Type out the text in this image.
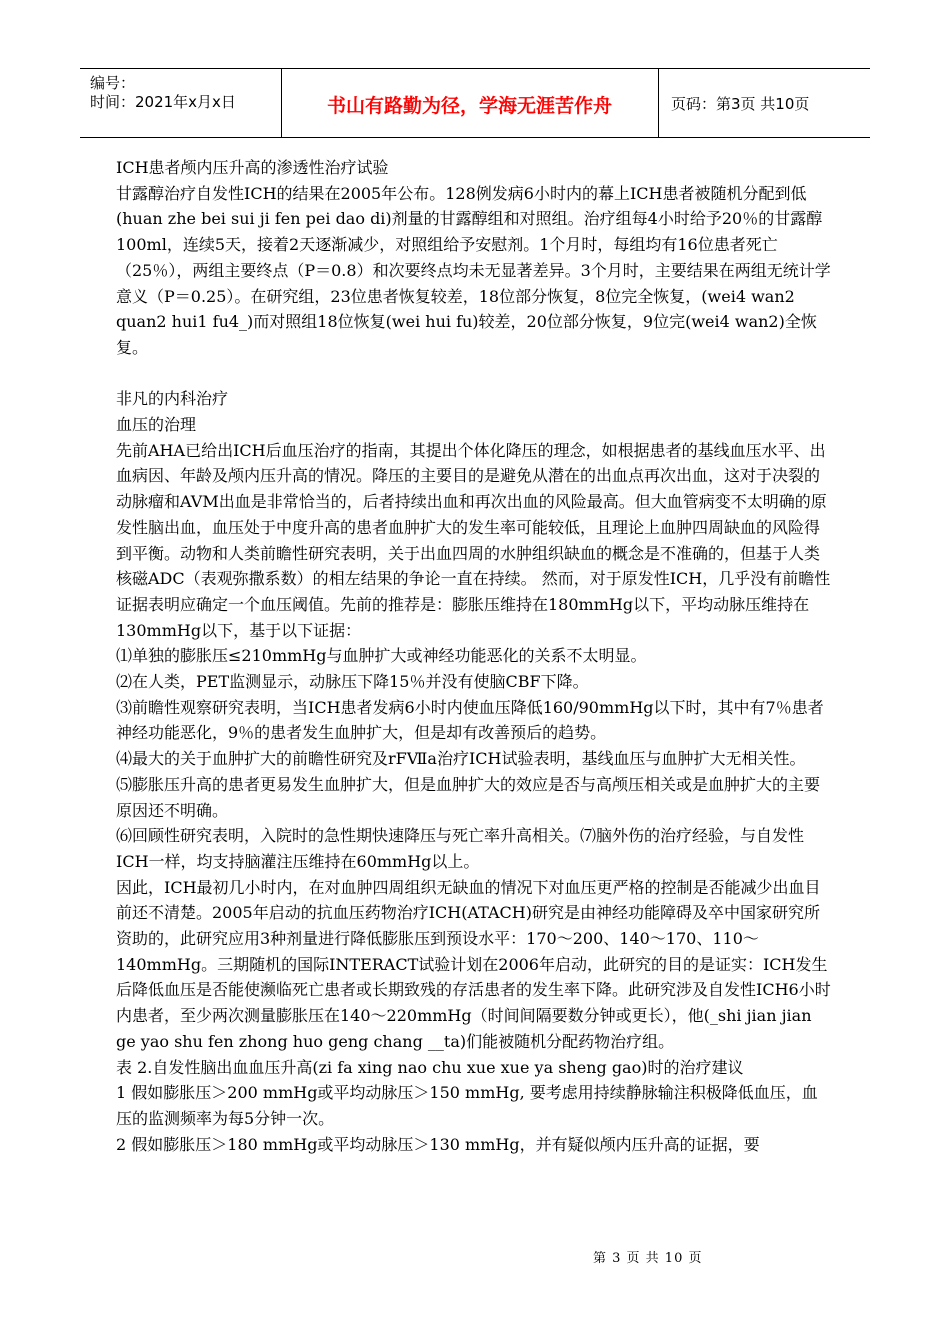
编号：
时间：2021年x月x日	书山有路勤为径，学海无涯苦作舟	页码：第3页 共10页

ICH患者颅内压升高的渗透性治疗试验

甘露醇治疗自发性ICH的结果在2005年公布。128例发病6小时内的幕上ICH患者被随机分配到低(huan zhe bei sui ji fen pei dao di)剂量的甘露醇组和对照组。治疗组每4小时给予20％的甘露醇100ml，连续5天，接着2天逐渐减少，对照组给予安慰剂。1个月时，每组均有16位患者死亡（25％），两组主要终点（P＝0.8）和次要终点均未无显著差异。3个月时，主要结果在两组无统计学意义（P＝0.25）。在研究组，23位患者恢复较差，18位部分恢复，8位完全恢复，(wei4 wan2 quan2 hui1 fu4_)而对照组18位恢复(wei hui fu)较差，20位部分恢复，9位完(wei4 wan2)全恢复。

非凡的内科治疗

血压的治理

先前AHA已给出ICH后血压治疗的指南，其提出个体化降压的理念，如根据患者的基线血压水平、出血病因、年龄及颅内压升高的情况。降压的主要目的是避免从潜在的出血点再次出血，这对于决裂的动脉瘤和AVM出血是非常恰当的，后者持续出血和再次出血的风险最高。但大血管病变不太明确的原发性脑出血，血压处于中度升高的患者血肿扩大的发生率可能较低，且理论上血肿四周缺血的风险得到平衡。动物和人类前瞻性研究表明，关于出血四周的水肿组织缺血的概念是不准确的，但基于人类核磁ADC（表观弥撒系数）的相左结果的争论一直在持续。 然而，对于原发性ICH，几乎没有前瞻性证据表明应确定一个血压阈值。先前的推荐是：膨胀压维持在180mmHg以下，平均动脉压维持在130mmHg以下，基于以下证据：

⑴单独的膨胀压≤210mmHg与血肿扩大或神经功能恶化的关系不太明显。

⑵在人类，PET监测显示，动脉压下降15％并没有使脑CBF下降。

⑶前瞻性观察研究表明，当ICH患者发病6小时内使血压降低160/90mmHg以下时，其中有7％患者神经功能恶化，9％的患者发生血肿扩大，但是却有改善预后的趋势。

⑷最大的关于血肿扩大的前瞻性研究及rFⅦa治疗ICH试验表明，基线血压与血肿扩大无相关性。

⑸膨胀压升高的患者更易发生血肿扩大，但是血肿扩大的效应是否与高颅压相关或是血肿扩大的主要原因还不明确。

⑹回顾性研究表明，入院时的急性期快速降压与死亡率升高相关。⑺脑外伤的治疗经验，与自发性ICH一样，均支持脑灌注压维持在60mmHg以上。

因此，ICH最初几小时内，在对血肿四周组织无缺血的情况下对血压更严格的控制是否能减少出血目前还不清楚。2005年启动的抗血压药物治疗ICH(ATACH)研究是由神经功能障碍及卒中国家研究所资助的，此研究应用3种剂量进行降低膨胀压到预设水平：170～200、140～170、110～140mmHg。三期随机的国际INTERACT试验计划在2006年启动，此研究的目的是证实：ICH发生后降低血压是否能使濒临死亡患者或长期致残的存活患者的发生率下降。此研究涉及自发性ICH6小时内患者，至少两次测量膨胀压在140～220mmHg（时间间隔要数分钟或更长），他(_shi jian jian ge yao shu fen zhong huo geng chang __ta)们能被随机分配药物治疗组。

表 2.自发性脑出血血压升高(zi fa xing nao chu xue xue ya sheng gao)时的治疗建议

1 假如膨胀压＞200 mmHg或平均动脉压＞150 mmHg, 要考虑用持续静脉输注积极降低血压，血压的监测频率为每5分钟一次。

2 假如膨胀压＞180 mmHg或平均动脉压＞130 mmHg，并有疑似颅内压升高的证据，要

第 3 页 共 10 页
